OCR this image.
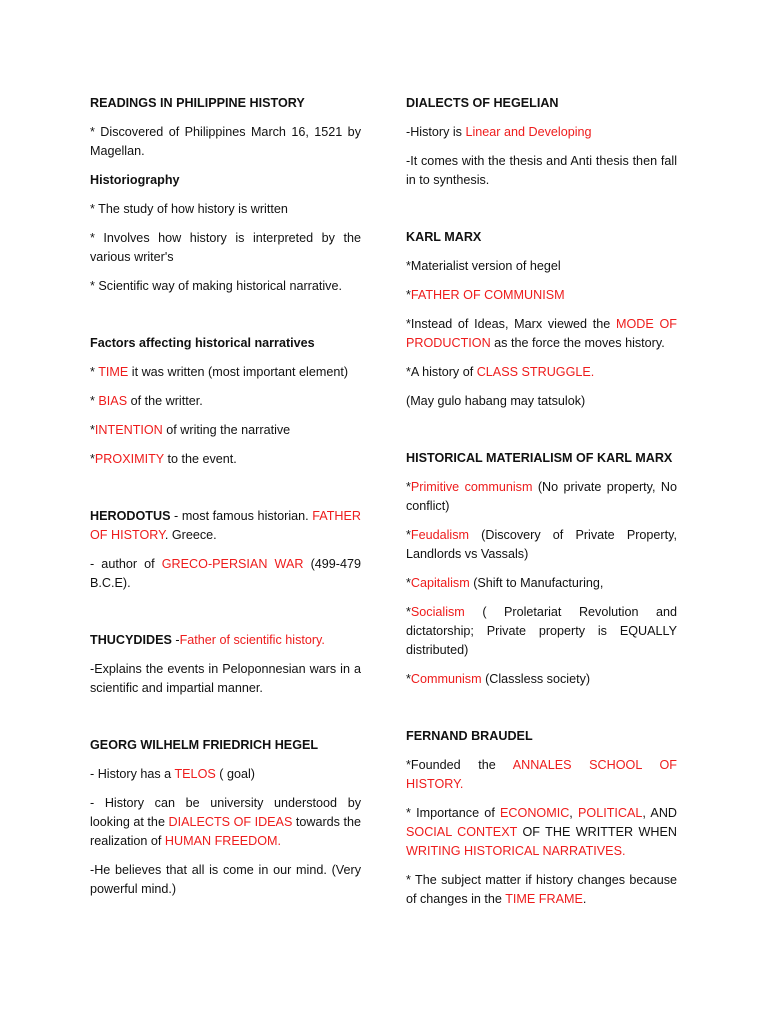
READINGS IN PHILIPPINE HISTORY

* Discovered of Philippines March 16, 1521 by Magellan.

Historiography

* The study of how history is written

* Involves how history is interpreted by the various writer's

* Scientific way of making historical narrative.

Factors affecting historical narratives

* TIME it was written (most important element)

* BIAS of the writter.

*INTENTION of writing the narrative

*PROXIMITY to the event.

HERODOTUS - most famous historian. FATHER OF HISTORY. Greece.

- author of GRECO-PERSIAN WAR (499-479 B.C.E).

THUCYDIDES -Father of scientific history.

-Explains the events in Peloponnesian wars in a scientific and impartial manner.

GEORG WILHELM FRIEDRICH HEGEL

- History has a TELOS ( goal)

- History can be university understood by looking at the DIALECTS OF IDEAS towards the realization of HUMAN FREEDOM.

-He believes that all is come in our mind. (Very powerful mind.)

DIALECTS OF HEGELIAN

-History is Linear and Developing

-It comes with the thesis and Anti thesis then fall in to synthesis.

KARL MARX

*Materialist version of hegel

*FATHER OF COMMUNISM

*Instead of Ideas, Marx viewed the MODE OF PRODUCTION as the force the moves history.

*A history of CLASS STRUGGLE.

(May gulo habang may tatsulok)

HISTORICAL MATERIALISM OF KARL MARX

*Primitive communism (No private property, No conflict)

*Feudalism (Discovery of Private Property, Landlords vs Vassals)

*Capitalism (Shift to Manufacturing,

*Socialism ( Proletariat Revolution and dictatorship; Private property is EQUALLY distributed)

*Communism (Classless society)

FERNAND BRAUDEL

*Founded the ANNALES SCHOOL OF HISTORY.

* Importance of ECONOMIC, POLITICAL, AND SOCIAL CONTEXT OF THE WRITTER WHEN WRITING HISTORICAL NARRATIVES.

* The subject matter if history changes because of changes in the TIME FRAME.
